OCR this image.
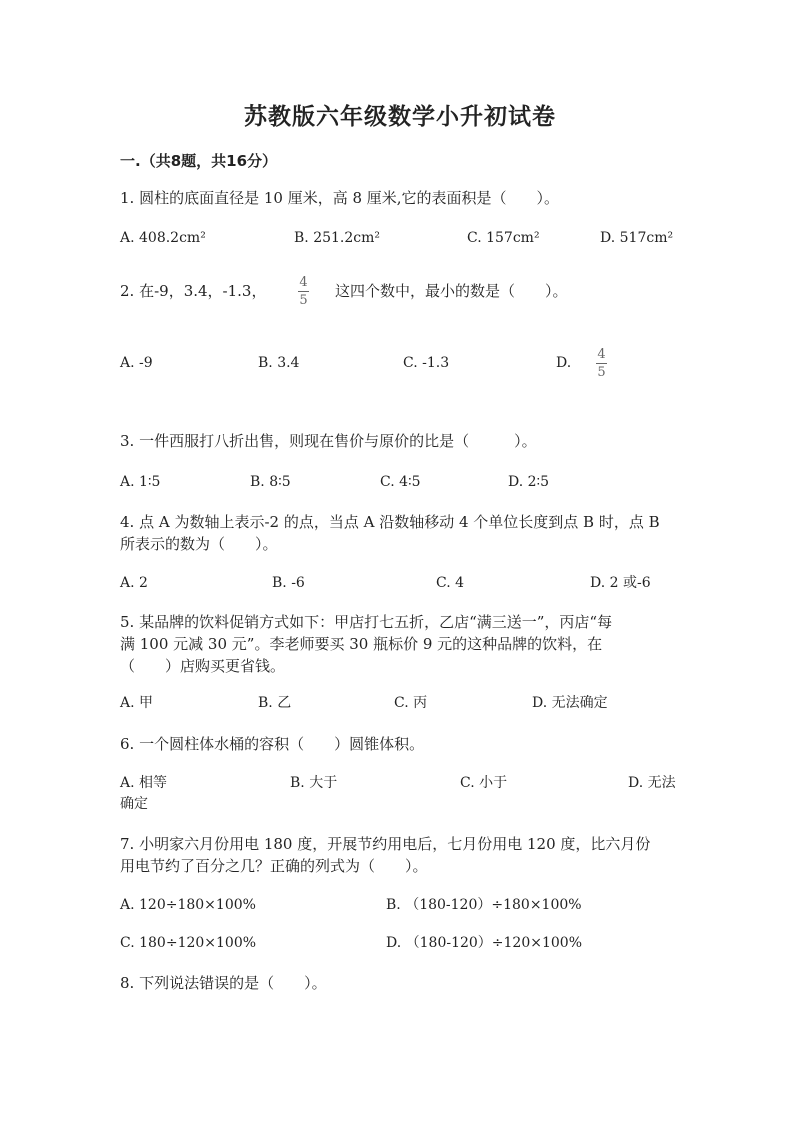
苏教版六年级数学小升初试卷
一.（共8题，共16分）
1. 圆柱的底面直径是 10 厘米，高 8 厘米,它的表面积是（　　）。
A. 408.2cm²	B. 251.2cm²	C. 157cm²	D. 517cm²
2. 在-9，3.4，-1.3，	4
5
这四个数中，最小的数是（　　）。
A. -9	B. 3.4	C. -1.3	D.
4
5
3. 一件西服打八折出售，则现在售价与原价的比是（　　　）。
A. 1∶5	B. 8∶5	C. 4∶5	D. 2∶5
4. 点 A 为数轴上表示-2 的点，当点 A 沿数轴移动 4 个单位长度到点 B 时，点 B
所表示的数为（　　）。
A. 2	B. -6	C. 4	D. 2 或-6
5. 某品牌的饮料促销方式如下：甲店打七五折，乙店“满三送一”，丙店“每
满 100 元减 30 元”。李老师要买 30 瓶标价 9 元的这种品牌的饮料，在
（　　）店购买更省钱。
A. 甲	B. 乙	C. 丙	D. 无法确定
6. 一个圆柱体水桶的容积（　　）圆锥体积。
A. 相等	B. 大于	C. 小于	D. 无法
确定
7. 小明家六月份用电 180 度，开展节约用电后，七月份用电 120 度，比六月份
用电节约了百分之几？正确的列式为（　　）。
A. 120÷180×100%	B. （180-120）÷180×100%
C. 180÷120×100%	D. （180-120）÷120×100%
8. 下列说法错误的是（　　）。
